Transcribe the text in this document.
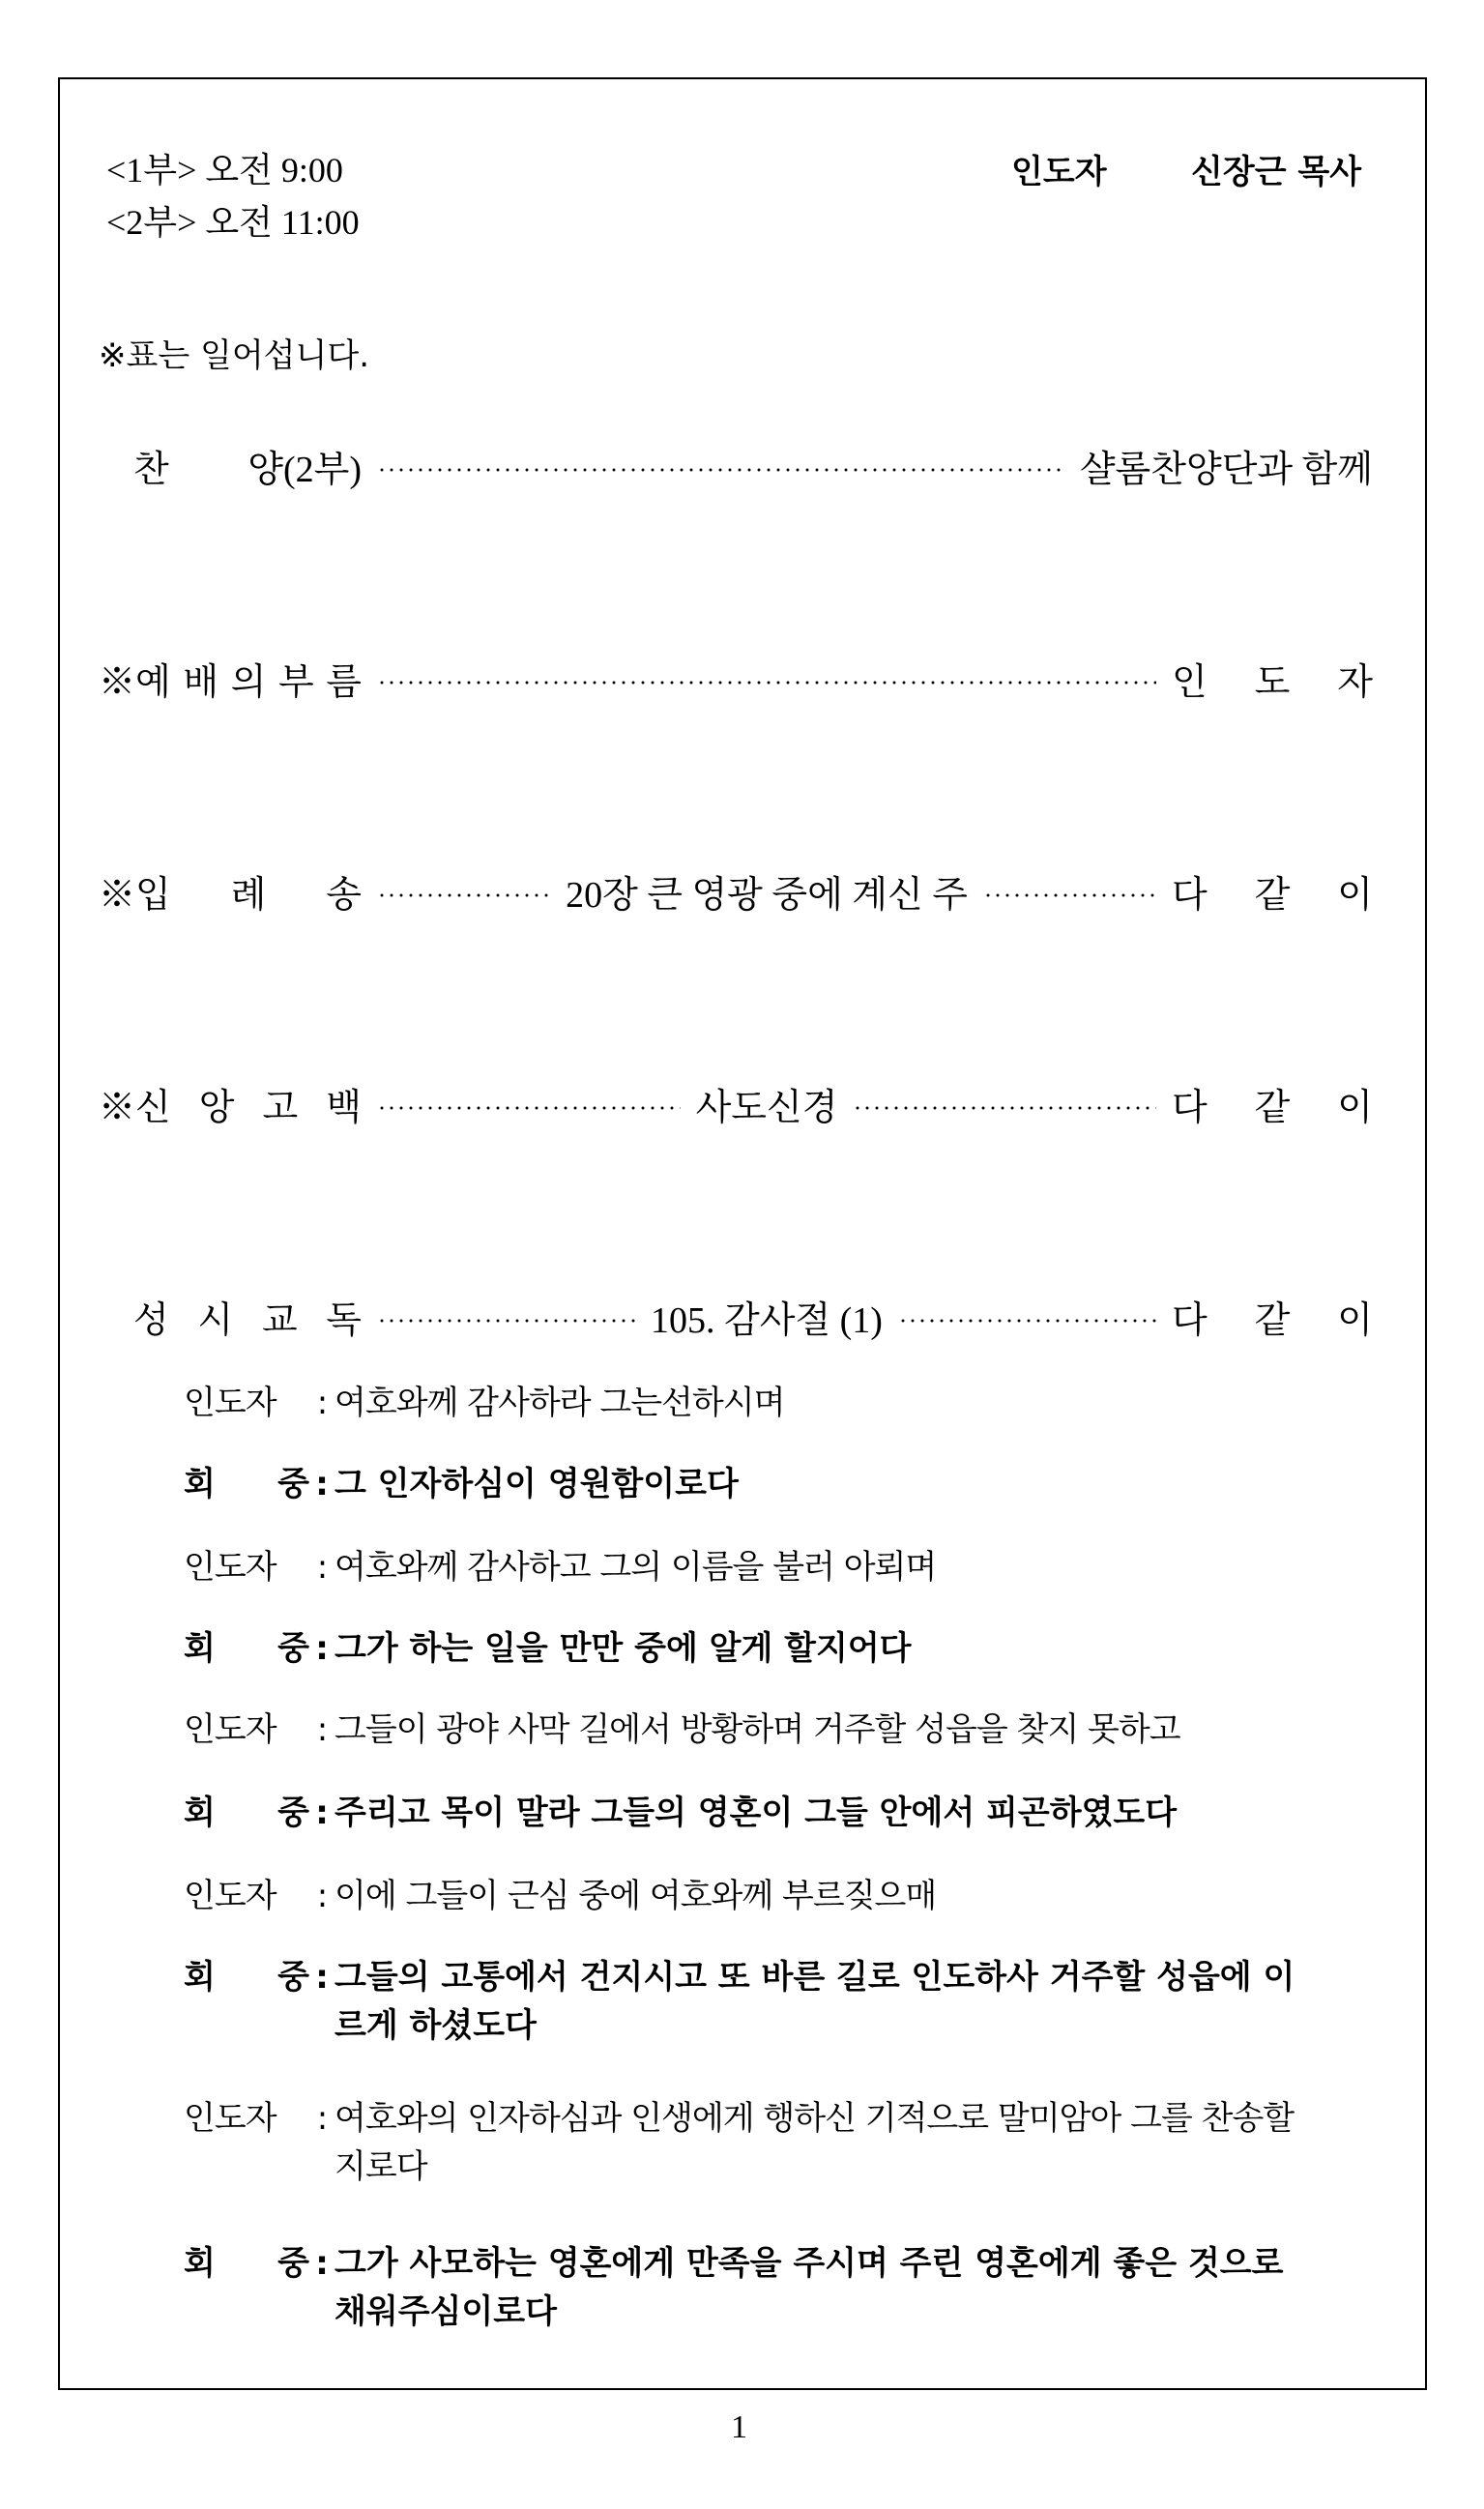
<1부> 오전 9:00
<2부> 오전 11:00
인도자	신장근 목사
※표는 일어섭니다.
찬 양(2부)	샬롬찬양단과 함께
※예 배 의 부 름	인 도 자
※입 례 송	20장 큰 영광 중에 계신 주	다 같 이
※신 앙 고 백	사도신경	다 같 이
성 시 교 독	105. 감사절 (1)	다 같 이
인도자 : 여호와께 감사하라 그는선하시며
회 중 : 그 인자하심이 영원함이로다
인도자 : 여호와께 감사하고 그의 이름을 불러 아뢰며
회 중 : 그가 하는 일을 만만 중에 알게 할지어다
인도자 : 그들이 광야 사막 길에서 방황하며 거주할 성읍을 찾지 못하고
회 중 : 주리고 목이 말라 그들의 영혼이 그들 안에서 피곤하였도다
인도자 : 이에 그들이 근심 중에 여호와께 부르짖으매
회 중 : 그들의 고통에서 건지시고 또 바른 길로 인도하사 거주할 성읍에 이르게 하셨도다
인도자 : 여호와의 인자하심과 인생에게 행하신 기적으로 말미암아 그를 찬송할지로다
회 중 : 그가 사모하는 영혼에게 만족을 주시며 주린 영혼에게 좋은 것으로 채워주심이로다
1
